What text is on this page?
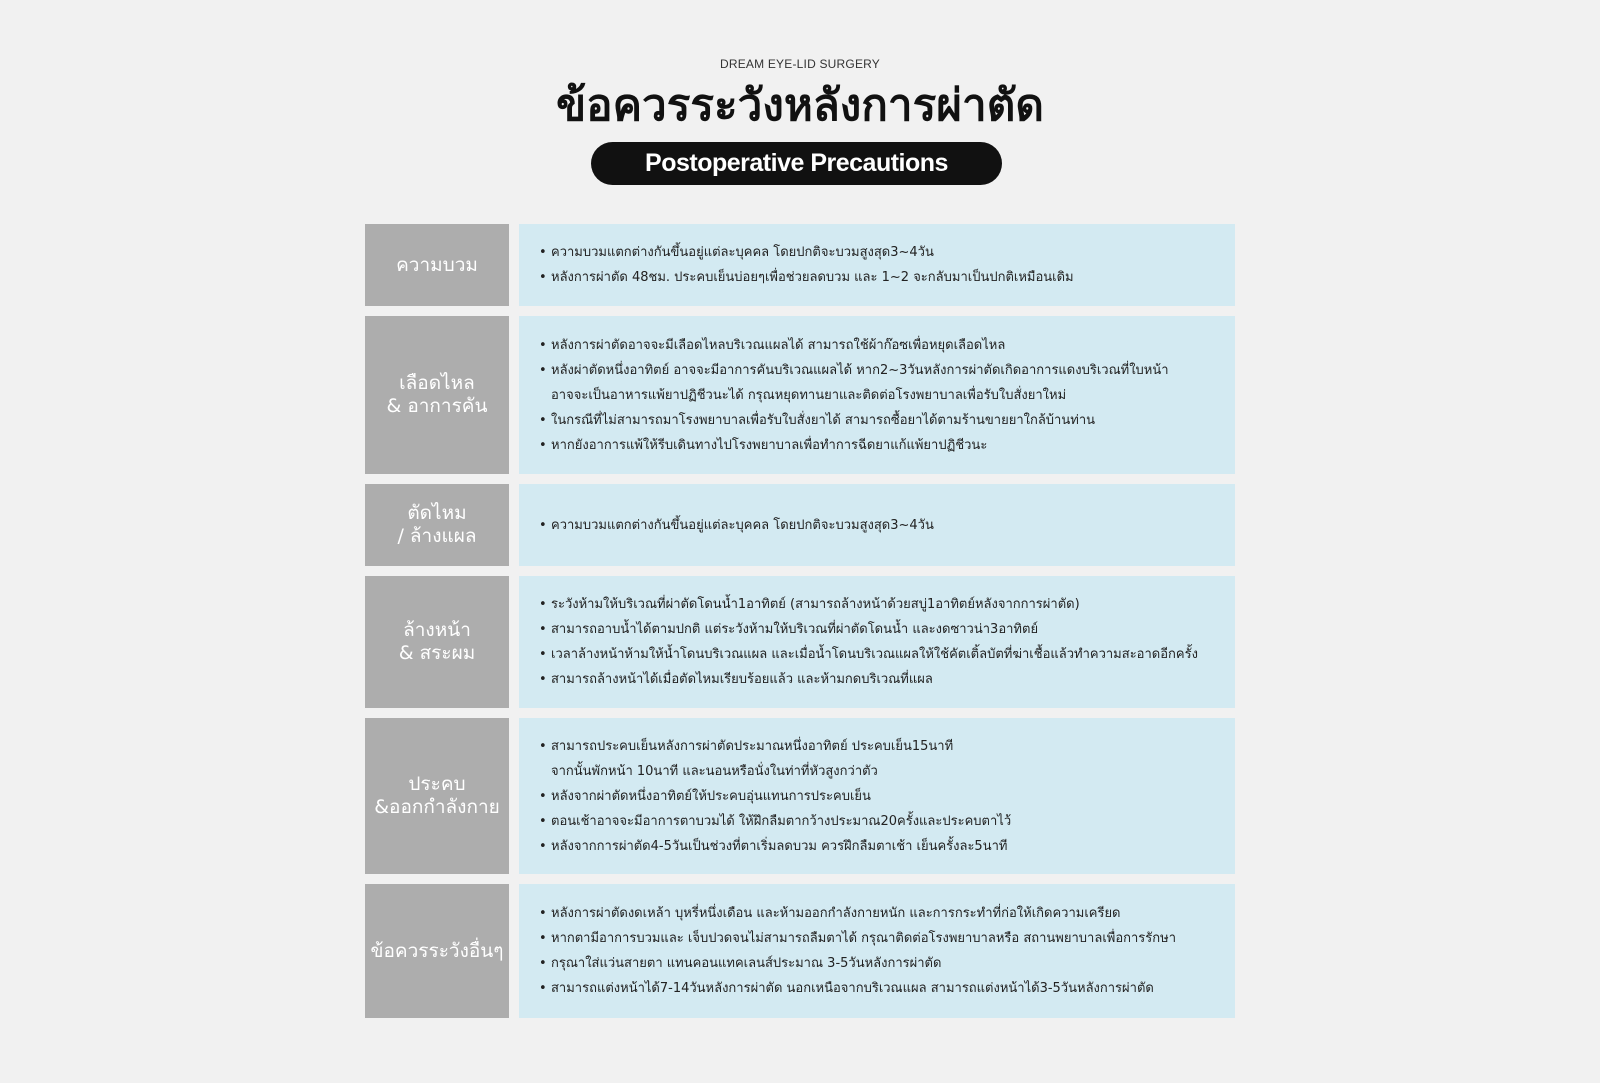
DREAM EYE-LID SURGERY
ข้อควรระวังหลังการผ่าตัด
Postoperative Precautions
ความบวม
• ความบวมแตกต่างกันขึ้นอยู่แต่ละบุคคล โดยปกติจะบวมสูงสุด3~4วัน
• หลังการผ่าตัด 48ชม. ประคบเย็นบ่อยๆเพื่อช่วยลดบวม และ 1~2 จะกลับมาเป็นปกติเหมือนเดิม
เลือดไหล
& อาการคัน
• หลังการผ่าตัดอาจจะมีเลือดไหลบริเวณแผลได้ สามารถใช้ผ้าก๊อซเพื่อหยุดเลือดไหล
• หลังผ่าตัดหนึ่งอาทิตย์ อาจจะมีอาการคันบริเวณแผลได้ หาก2~3วันหลังการผ่าตัดเกิดอาการแดงบริเวณที่ใบหน้า
อาจจะเป็นอาหารแพ้ยาปฏิชีวนะได้ กรุณหยุดทานยาและติดต่อโรงพยาบาลเพื่อรับใบสั่งยาใหม่
• ในกรณีที่ไม่สามารถมาโรงพยาบาลเพื่อรับใบสั่งยาได้ สามารถซื้อยาได้ตามร้านขายยาใกล้บ้านท่าน
• หากยังอาการแพ้ให้รีบเดินทางไปโรงพยาบาลเพื่อทำการฉีดยาแก้แพ้ยาปฏิชีวนะ
ตัดไหม
/ ล้างแผล
•	ความบวมแตกต่างกันขึ้นอยู่แต่ละบุคคล โดยปกติจะบวมสูงสุด3~4วัน
ล้างหน้า
& สระผม
• ระวังห้ามให้บริเวณที่ผ่าตัดโดนน้ำ1อาทิตย์ (สามารถล้างหน้าด้วยสบู่1อาทิตย์หลังจากการผ่าตัด)
• สามารถอาบน้ำได้ตามปกติ แต่ระวังห้ามให้บริเวณที่ผ่าตัดโดนน้ำ และงดซาวน่า3อาทิตย์
• เวลาล้างหน้าห้ามให้น้ำโดนบริเวณแผล และเมื่อน้ำโดนบริเวณแผลให้ใช้คัตเติ้ลบัตที่ฆ่าเชื้อแล้วทำความสะอาดอีกครั้ง
• สามารถล้างหน้าได้เมื่อตัดไหมเรียบร้อยแล้ว และห้ามกดบริเวณที่แผล
ประคบ
&ออกกำลังกาย
• สามารถประคบเย็นหลังการผ่าตัดประมาณหนึ่งอาทิตย์ ประคบเย็น15นาที
จากนั้นพักหน้า 10นาที และนอนหรือนั่งในท่าที่หัวสูงกว่าตัว
• หลังจากผ่าตัดหนึ่งอาทิตย์ให้ประคบอุ่นแทนการประคบเย็น
• ตอนเช้าอาจจะมีอาการตาบวมได้ ให้ฝึกลืมตากว้างประมาณ20ครั้งและประคบตาไว้
• หลังจากการผ่าตัด4-5วันเป็นช่วงที่ตาเริ่มลดบวม ควรฝึกลืมตาเช้า เย็นครั้งละ5นาที
ข้อควรระวังอื่นๆ
• หลังการผ่าตัดงดเหล้า บุหรี่หนึ่งเดือน และห้ามออกกำลังกายหนัก และการกระทำที่ก่อให้เกิดความเครียด
• หากตามีอาการบวมและ เจ็บปวดจนไม่สามารถลืมตาได้ กรุณาติดต่อโรงพยาบาลหรือ สถานพยาบาลเพื่อการรักษา
• กรุณาใส่แว่นสายตา แทนคอนแทคเลนส์ประมาณ 3-5วันหลังการผ่าตัด
• สามารถแต่งหน้าได้7-14วันหลังการผ่าตัด นอกเหนือจากบริเวณแผล สามารถแต่งหน้าได้3-5วันหลังการผ่าตัด
